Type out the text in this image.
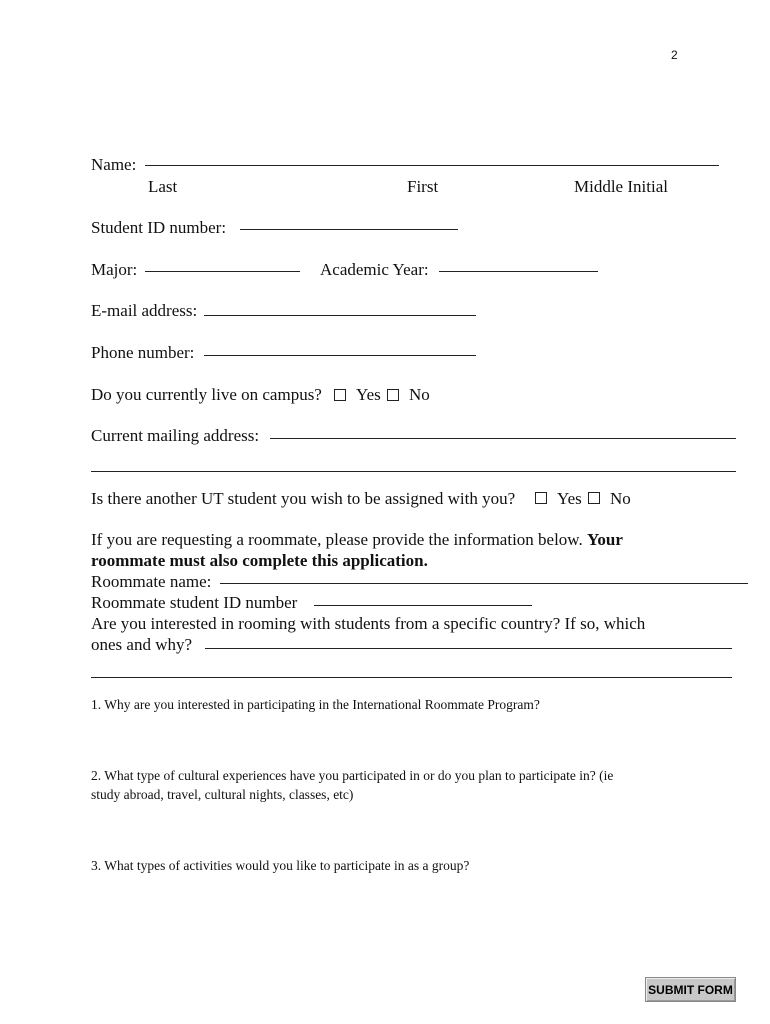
2
Name:
Last	First	Middle Initial
Student ID number:
Major:	Academic Year:
E-mail address:
Phone number:
Do you currently live on campus? Yes No
Current mailing address:
Is there another UT student you wish to be assigned with you? Yes No
If you are requesting a roommate, please provide the information below. Your
roommate must also complete this application.
Roommate name:
Roommate student ID number
Are you interested in rooming with students from a specific country? If so, which
ones and why?
1. Why are you interested in participating in the International Roommate Program?
2. What type of cultural experiences have you participated in or do you plan to participate in? (ie
study abroad, travel, cultural nights, classes, etc)
3. What types of activities would you like to participate in as a group?
SUBMIT FORM
